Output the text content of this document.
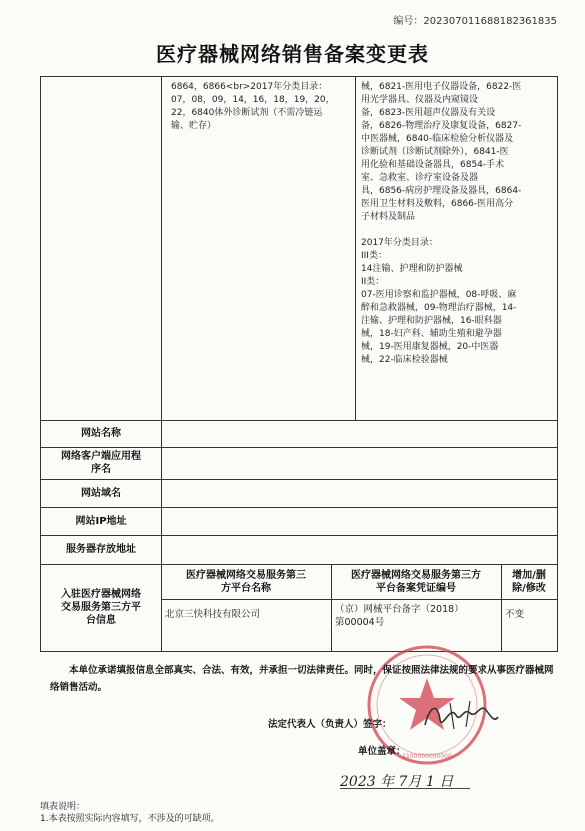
编号：20230701168818236​1835
医疗器械网络销售备案变更表
6864，6866<br>2017年分类目录：
07，08，09，14，16，18，19，20，
22，6840体外诊断试剂（不需冷链运
输、贮存）
械，6821-医用电子仪器设备，6822-医
用光学器具、仪器及内窥镜设
备，6823-医用超声仪器及有关设
备，6826-物理治疗及康复设备，6827-
中医器械，6840-临床检验分析仪器及
诊断试剂（诊断试剂除外），6841-医
用化验和基础设备器具，6854-手术
室、急救室、诊疗室设备及器
具，6856-病房护理设备及器具，6864-
医用卫生材料及敷料，6866-医用高分
子材料及制品

2017年分类目录：
III类：
14注输、护理和防护器械
II类：
07-医用诊察和监护器械，08-呼吸、麻
醉和急救器械，09-物理治疗器械，14-
注输、护理和防护器械，16-眼科器
械，18-妇产科、辅助生殖和避孕器
械，19-医用康复器械，20-中医器
械，22-临床检验器械
网站名称
网络客户端应用程
序名
网站域名
网站IP地址
服务器存放地址
入驻医疗器械网络
交易服务第三方平
台信息
医疗器械网络交易服务第三
方平台名称
医疗器械网络交易服务第三方
平台备案凭证编号
增加/删
除/修改
北京三快科技有限公司	（京）网械平台备字（2018）
第00004号
不变
1100000000000
本单位承诺填报信息全部真实、合法、有效，并承担一切法律责任。同时，保证按照法律法规的要求从事医疗器械网络销售活动。
法定代表人（负责人）签字：
单位盖章：
2023 年 7月 1 日
填表说明：
1.本表按照实际内容填写，不涉及的可缺项。
